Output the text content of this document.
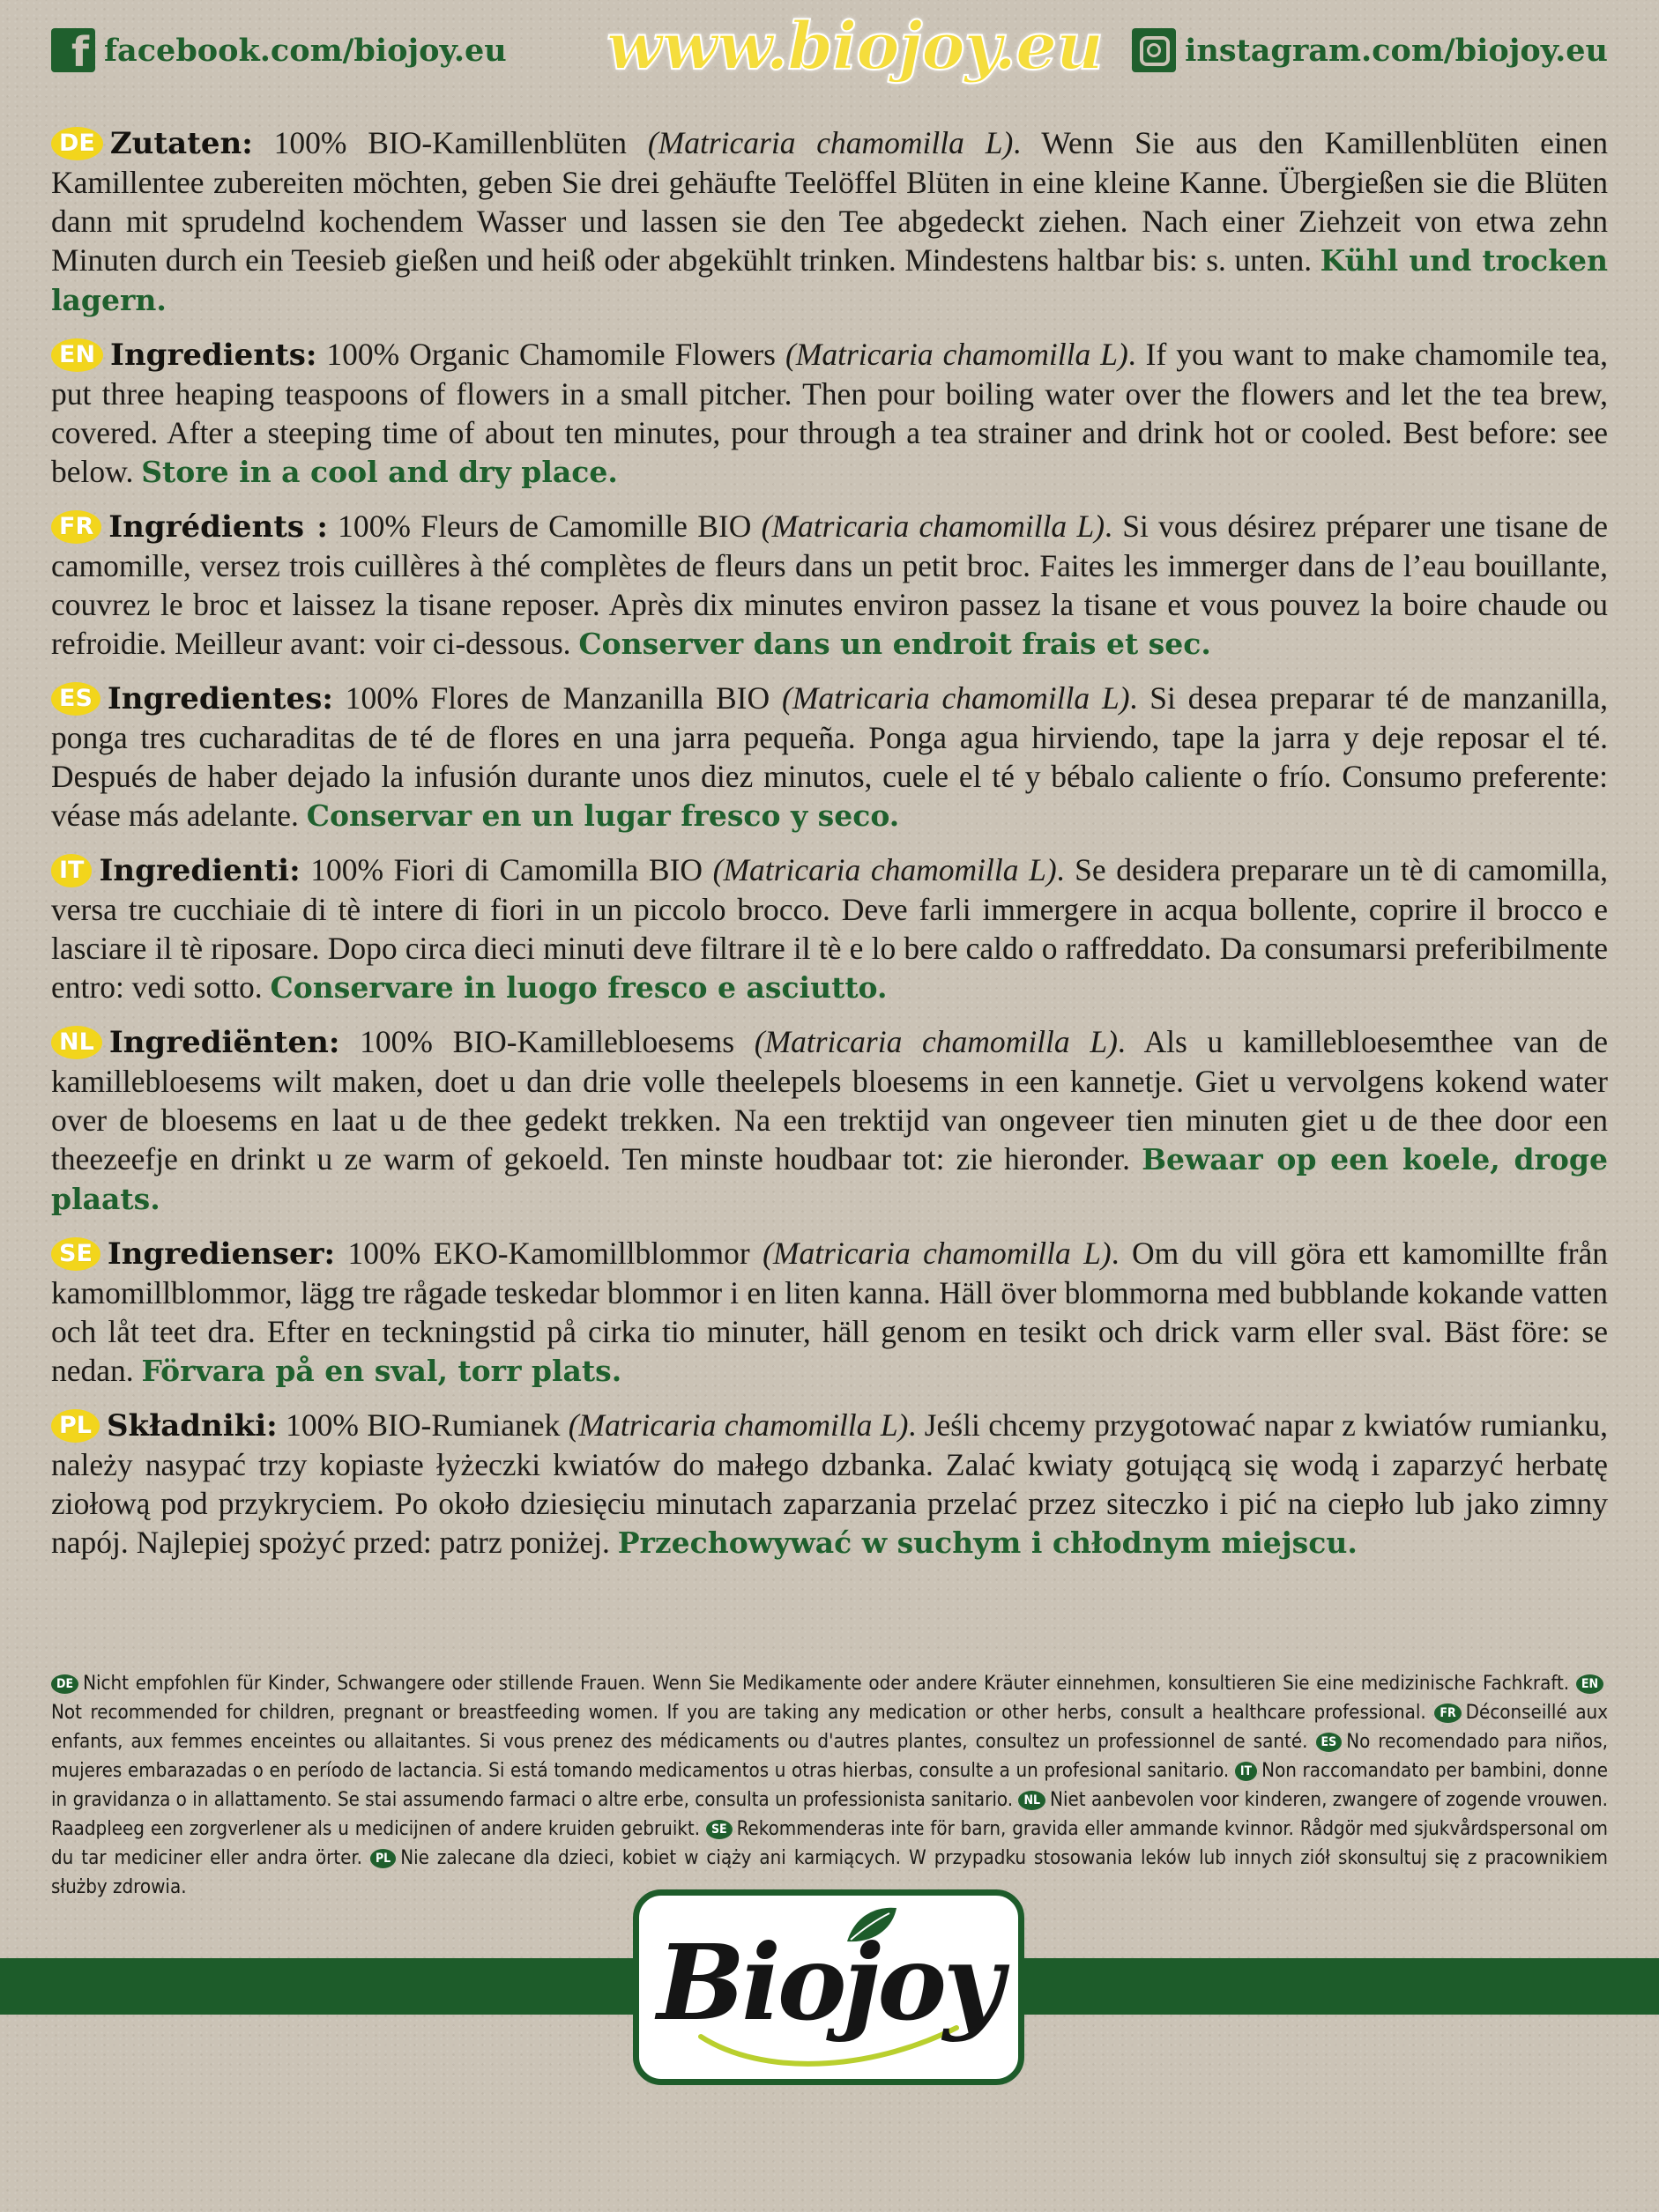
f
facebook.com/biojoy.eu www.biojoy.eu	instagram.com/biojoy.eu

DE Zutaten: 100% BIO-Kamillenblüten (Matricaria chamomilla L). Wenn Sie aus den Kamillenblüten einen Kamillentee zubereiten möchten, geben Sie drei gehäufte Teelöffel Blüten in eine kleine Kanne. Übergießen sie die Blüten dann mit sprudelnd kochendem Wasser und lassen sie den Tee abgedeckt ziehen. Nach einer Ziehzeit von etwa zehn Minuten durch ein Teesieb gießen und heiß oder abgekühlt trinken. Mindestens haltbar bis: s. unten. Kühl und trocken lagern.

EN Ingredients: 100% Organic Chamomile Flowers (Matricaria chamomilla L). If you want to make chamomile tea, put three heaping teaspoons of flowers in a small pitcher. Then pour boiling water over the flowers and let the tea brew, covered. After a steeping time of about ten minutes, pour through a tea strainer and drink hot or cooled. Best before: see below. Store in a cool and dry place.

FR Ingrédients : 100% Fleurs de Camomille BIO (Matricaria chamomilla L). Si vous désirez préparer une tisane de camomille, versez trois cuillères à thé complètes de fleurs dans un petit broc. Faites les immerger dans de l’eau bouillante, couvrez le broc et laissez la tisane reposer. Après dix minutes environ passez la tisane et vous pouvez la boire chaude ou refroidie. Meilleur avant: voir ci-dessous. Conserver dans un endroit frais et sec.

ES Ingredientes: 100% Flores de Manzanilla BIO (Matricaria chamomilla L). Si desea preparar té de manzanilla, ponga tres cucharaditas de té de flores en una jarra pequeña. Ponga agua hirviendo, tape la jarra y deje reposar el té. Después de haber dejado la infusión durante unos diez minutos, cuele el té y bébalo caliente o frío. Consumo preferente: véase más adelante. Conservar en un lugar fresco y seco.

IT Ingredienti: 100% Fiori di Camomilla BIO (Matricaria chamomilla L). Se desidera preparare un tè di camomilla, versa tre cucchiaie di tè intere di fiori in un piccolo brocco. Deve farli immergere in acqua bollente, coprire il brocco e lasciare il tè riposare. Dopo circa dieci minuti deve filtrare il tè e lo bere caldo o raffreddato. Da consumarsi preferibilmente entro: vedi sotto. Conservare in luogo fresco e asciutto.

NL Ingrediënten: 100% BIO-Kamillebloesems (Matricaria chamomilla L). Als u kamillebloesemthee van de kamillebloesems wilt maken, doet u dan drie volle theelepels bloesems in een kannetje. Giet u vervolgens kokend water over de bloesems en laat u de thee gedekt trekken. Na een trektijd van ongeveer tien minuten giet u de thee door een theezeefje en drinkt u ze warm of gekoeld. Ten minste houdbaar tot: zie hieronder. Bewaar op een koele, droge plaats.

SE Ingredienser: 100% EKO-Kamomillblommor (Matricaria chamomilla L). Om du vill göra ett kamomillte från kamomillblommor, lägg tre rågade teskedar blommor i en liten kanna. Häll över blommorna med bubblande kokande vatten och låt teet dra. Efter en teckningstid på cirka tio minuter, häll genom en tesikt och drick varm eller sval. Bäst före: se nedan. Förvara på en sval, torr plats.

PL Składniki: 100% BIO-Rumianek (Matricaria chamomilla L). Jeśli chcemy przygotować napar z kwiatów rumianku, należy nasypać trzy kopiaste łyżeczki kwiatów do małego dzbanka. Zalać kwiaty gotującą się wodą i zaparzyć herbatę ziołową pod przykryciem. Po około dziesięciu minutach zaparzania przelać przez siteczko i pić na ciepło lub jako zimny napój. Najlepiej spożyć przed: patrz poniżej. Przechowywać w suchym i chłodnym miejscu.

DE Nicht empfohlen für Kinder, Schwangere oder stillende Frauen. Wenn Sie Medikamente oder andere Kräuter einnehmen, konsultieren Sie eine medizinische Fachkraft. ENNot recommended for children, pregnant or breastfeeding women. If you are taking any medication or other herbs, consult a healthcare professional. FR Déconseillé aux enfants, aux femmes enceintes ou allaitantes. Si vous prenez des médicaments ou d'autres plantes, consultez un professionnel de santé. ES No recomendado para niños, mujeres embarazadas o en período de lactancia. Si está tomando medicamentos u otras hierbas, consulte a un profesional sanitario. IT Non raccomandato per bambini, donne in gravidanza o in allattamento. Se stai assumendo farmaci o altre erbe, consulta un professionista sanitario. NL Niet aanbevolen voor kinderen, zwangere of zogende vrouwen. Raadpleeg een zorgverlener als u medicijnen of andere kruiden gebruikt. SE Rekommenderas inte för barn, gravida eller ammande kvinnor. Rådgör med sjukvårdspersonal om du tar mediciner eller andra örter. PL Nie zalecane dla dzieci, kobiet w ciąży ani karmiących. W przypadku stosowania leków lub innych ziół skonsultuj się z pracownikiem służby zdrowia.
Biojoy
